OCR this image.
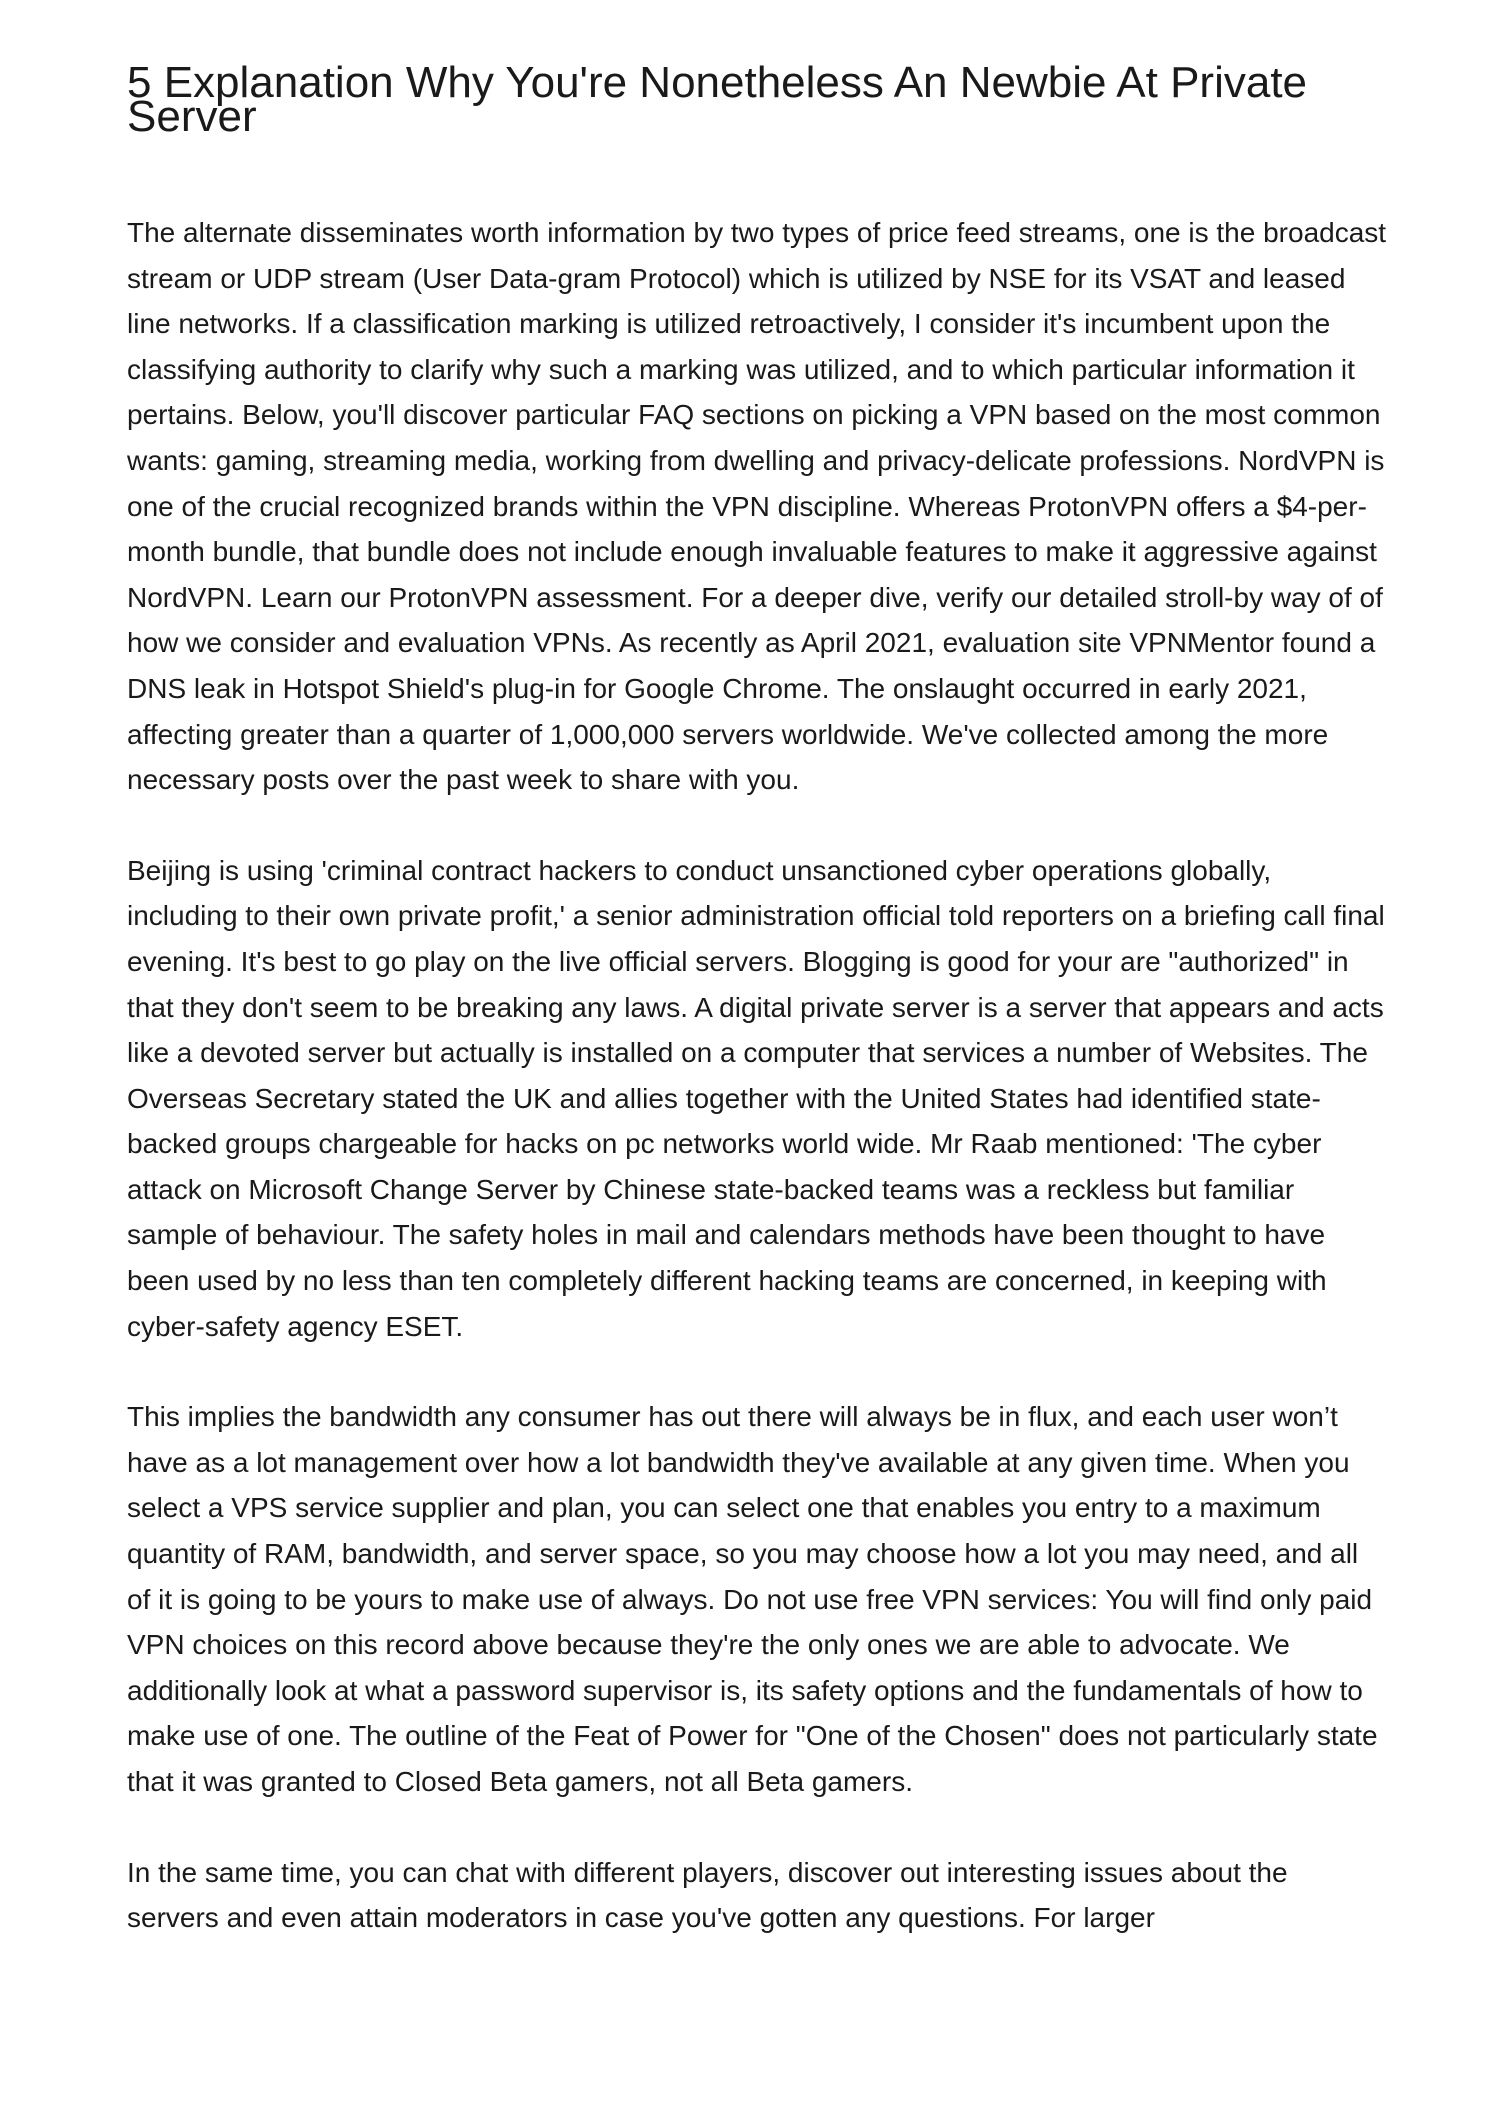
5 Explanation Why You're Nonetheless An Newbie At Private Server

The alternate disseminates worth information by two types of price feed streams, one is the broadcast stream or UDP stream (User Data-gram Protocol) which is utilized by NSE for its VSAT and leased line networks. If a classification marking is utilized retroactively, I consider it's incumbent upon the classifying authority to clarify why such a marking was utilized, and to which particular information it pertains. Below, you'll discover particular FAQ sections on picking a VPN based on the most common wants: gaming, streaming media, working from dwelling and privacy-delicate professions. NordVPN is one of the crucial recognized brands within the VPN discipline. Whereas ProtonVPN offers a $4-per-month bundle, that bundle does not include enough invaluable features to make it aggressive against NordVPN. Learn our ProtonVPN assessment. For a deeper dive, verify our detailed stroll-by way of of how we consider and evaluation VPNs. As recently as April 2021, evaluation site VPNMentor found a DNS leak in Hotspot Shield's plug-in for Google Chrome. The onslaught occurred in early 2021, affecting greater than a quarter of 1,000,000 servers worldwide. We've collected among the more necessary posts over the past week to share with you.

Beijing is using 'criminal contract hackers to conduct unsanctioned cyber operations globally, including to their own private profit,' a senior administration official told reporters on a briefing call final evening. It's best to go play on the live official servers. Blogging is good for your are "authorized" in that they don't seem to be breaking any laws. A digital private server is a server that appears and acts like a devoted server but actually is installed on a computer that services a number of Websites. The Overseas Secretary stated the UK and allies together with the United States had identified state-backed groups chargeable for hacks on pc networks world wide. Mr Raab mentioned: 'The cyber attack on Microsoft Change Server by Chinese state-backed teams was a reckless but familiar sample of behaviour. The safety holes in mail and calendars methods have been thought to have been used by no less than ten completely different hacking teams are concerned, in keeping with cyber-safety agency ESET.

This implies the bandwidth any consumer has out there will always be in flux, and each user won’t have as a lot management over how a lot bandwidth they've available at any given time. When you select a VPS service supplier and plan, you can select one that enables you entry to a maximum quantity of RAM, bandwidth, and server space, so you may choose how a lot you may need, and all of it is going to be yours to make use of always. Do not use free VPN services: You will find only paid VPN choices on this record above because they're the only ones we are able to advocate. We additionally look at what a password supervisor is, its safety options and the fundamentals of how to make use of one. The outline of the Feat of Power for "One of the Chosen" does not particularly state that it was granted to Closed Beta gamers, not all Beta gamers.

In the same time, you can chat with different players, discover out interesting issues about the servers and even attain moderators in case you've gotten any questions. For larger
